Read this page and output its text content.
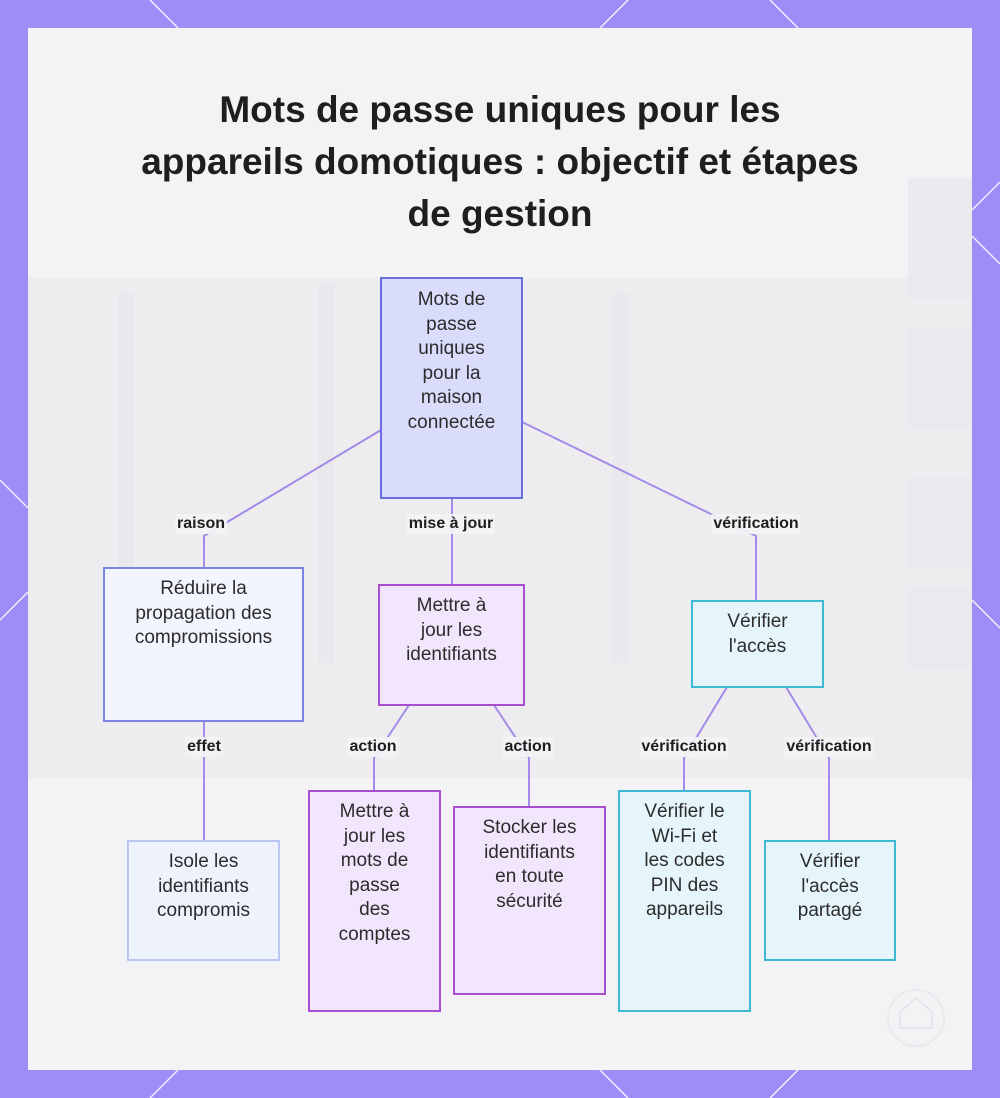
Mots de passe uniques pour les appareils domotiques : objectif et étapes de gestion
Mots de
passe
uniques
pour la
maison
connectée
raison	mise à jour	vérification
Réduire la
propagation des
compromissions
Mettre à
jour les
identifiants
Vérifier
l'accès
effet	action	action	vérification	vérification
Isole les
identifiants
compromis
Mettre à
jour les
mots de
passe
des
comptes
Stocker les
identifiants
en toute
sécurité
Vérifier le
Wi-Fi et
les codes
PIN des
appareils
Vérifier
l'accès
partagé
